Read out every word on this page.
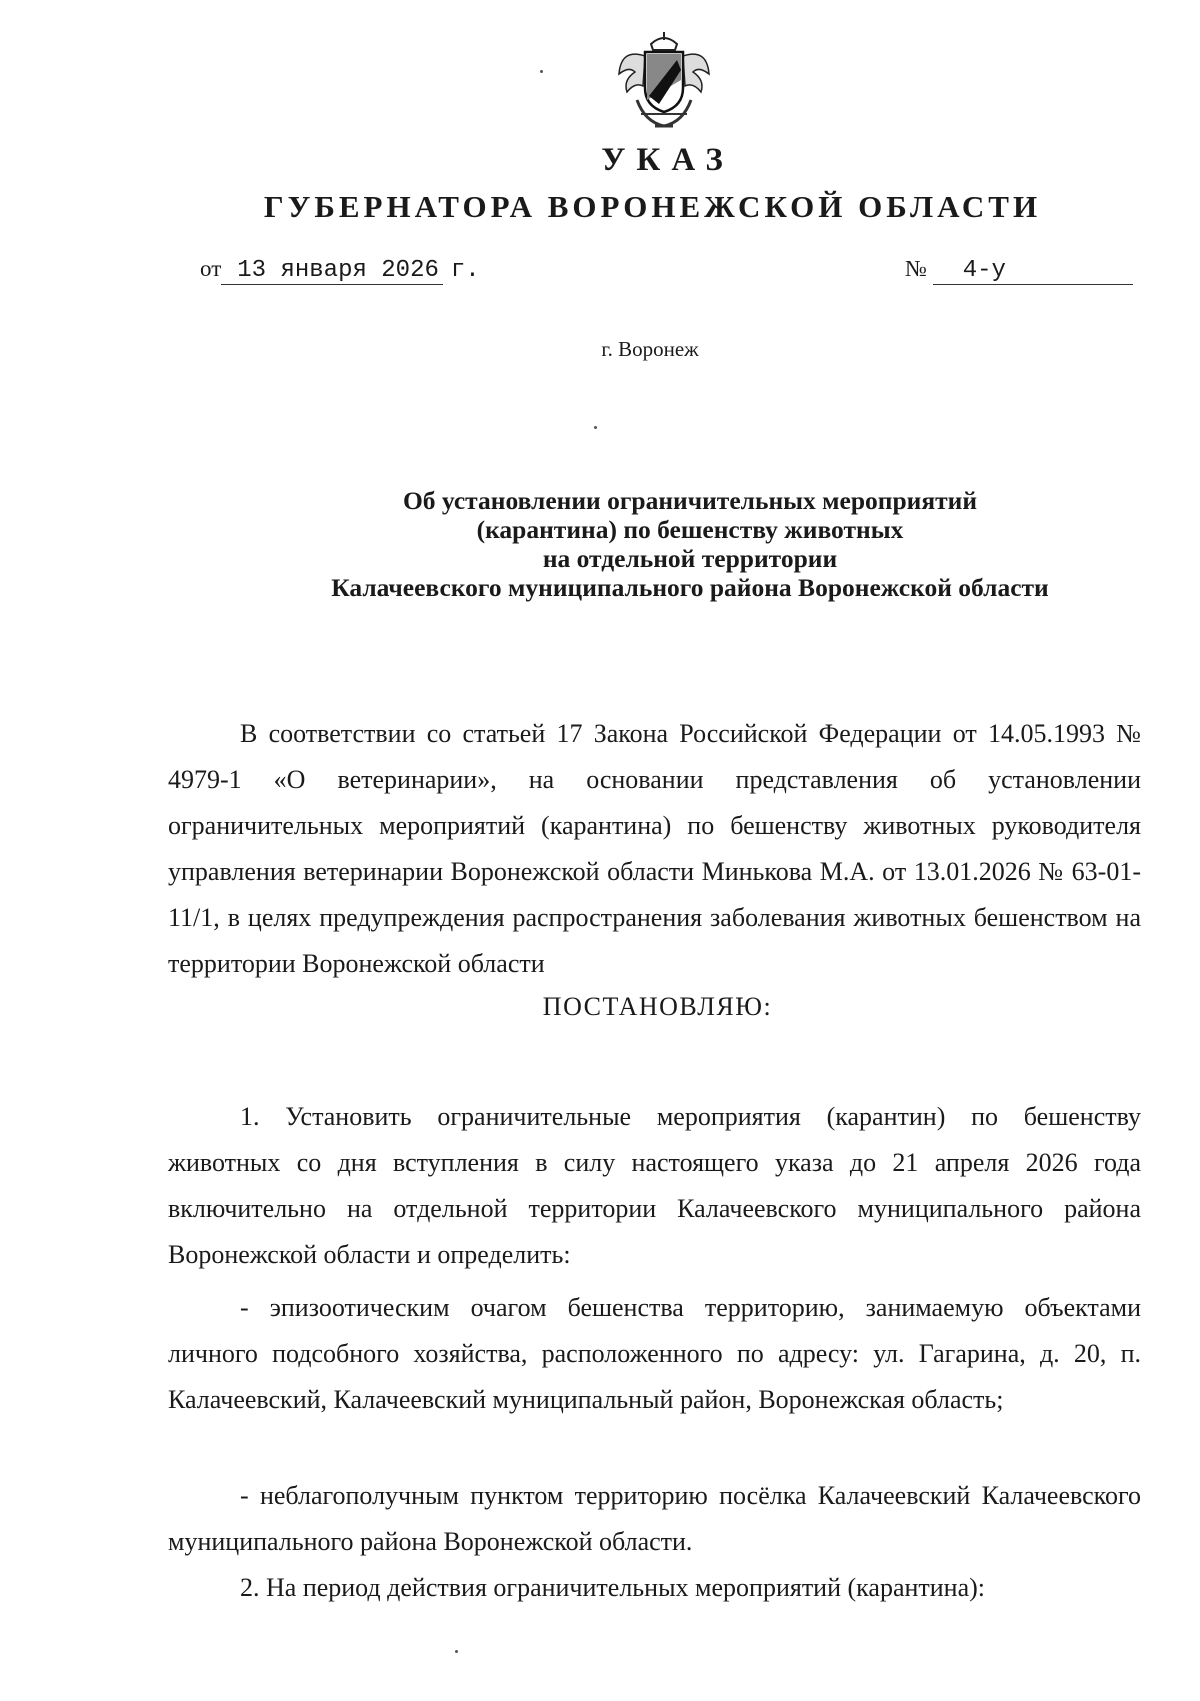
УКАЗ
ГУБЕРНАТОРА ВОРОНЕЖСКОЙ ОБЛАСТИ
от 13 января 2026 г.	№ 4-у
г. Воронеж
Об установлении ограничительных мероприятий
(карантина) по бешенству животных
на отдельной территории
Калачеевского муниципального района Воронежской области

В соответствии со статьей 17 Закона Российской Федерации от 14.05.1993 № 4979-1 «О ветеринарии», на основании представления об установлении ограничительных мероприятий (карантина) по бешенству животных руководителя управления ветеринарии Воронежской области Минькова М.А. от 13.01.2026 № 63-01-11/1, в целях предупреждения распространения заболевания животных бешенством на территории Воронежской области

ПОСТАНОВЛЯЮ:

1. Установить ограничительные мероприятия (карантин) по бешенству животных со дня вступления в силу настоящего указа до 21 апреля 2026 года включительно на отдельной территории Калачеевского муниципального района Воронежской области и определить:

- эпизоотическим очагом бешенства территорию, занимаемую объектами личного подсобного хозяйства, расположенного по адресу: ул. Гагарина, д. 20, п. Калачеевский, Калачеевский муниципальный район, Воронежская область;

- неблагополучным пунктом территорию посёлка Калачеевский Калачеевского муниципального района Воронежской области.

2. На период действия ограничительных мероприятий (карантина):
